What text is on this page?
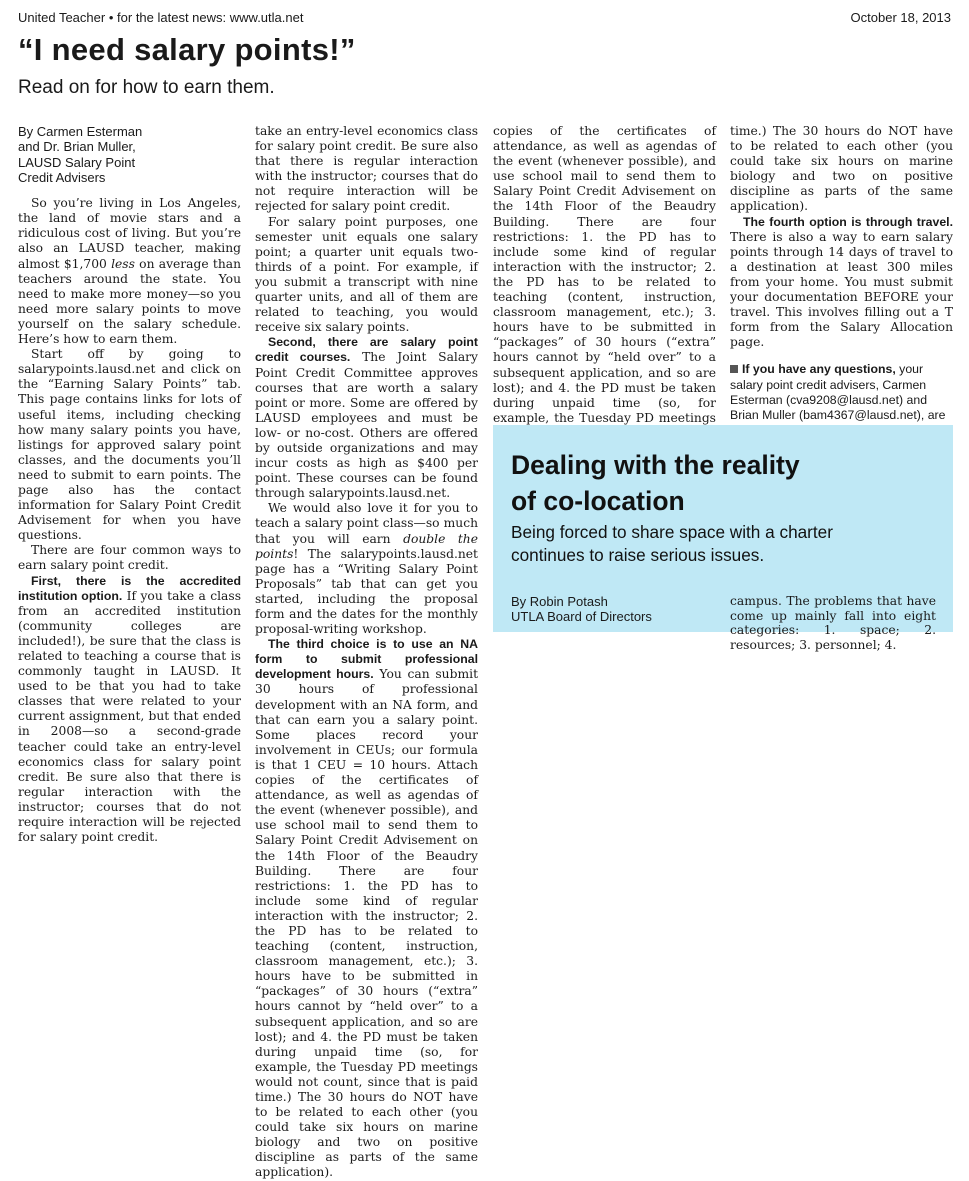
United Teacher • for the latest news: www.utla.net	October 18, 2013
“I need salary points!”
Read on for how to earn them.
By Carmen Esterman
and Dr. Brian Muller,
LAUSD Salary Point
Credit Advisers

So you’re living in Los Angeles, the land of movie stars and a ridiculous cost of living. But you’re also an LAUSD teacher, making almost $1,700 less on average than teachers around the state. You need to make more money—so you need more salary points to move yourself on the salary schedule. Here’s how to earn them.

Start off by going to salarypoints.lausd.net and click on the “Earning Salary Points” tab. This page contains links for lots of useful items, including checking how many salary points you have, listings for approved salary point classes, and the documents you’ll need to submit to earn points. The page also has the contact information for Salary Point Credit Advisement for when you have questions.

There are four common ways to earn salary point credit.

First, there is the accredited institution option. If you take a class from an accredited institution (community colleges are included!), be sure that the class is related to teaching a course that is commonly taught in LAUSD. It used to be that you had to take classes that were related to your current assignment, but that ended in 2008—so a second-grade teacher could take an entry-level economics class for salary point credit. Be sure also that there is regular interaction with the instructor; courses that do not require interaction will be rejected for salary point credit.

take an entry-level economics class for salary point credit. Be sure also that there is regular interaction with the instructor; courses that do not require interaction will be rejected for salary point credit.

For salary point purposes, one semester unit equals one salary point; a quarter unit equals two-thirds of a point. For example, if you submit a transcript with nine quarter units, and all of them are related to teaching, you would receive six salary points.

Second, there are salary point credit courses. The Joint Salary Point Credit Committee approves courses that are worth a salary point or more. Some are offered by LAUSD employees and must be low- or no-cost. Others are offered by outside organizations and may incur costs as high as $400 per point. These courses can be found through salarypoints.lausd.net.

We would also love it for you to teach a salary point class—so much that you will earn double the points! The salarypoints.lausd.net page has a “Writing Salary Point Proposals” tab that can get you started, including the proposal form and the dates for the monthly proposal-writing workshop.

The third choice is to use an NA form to submit professional development hours. You can submit 30 hours of professional development with an NA form, and that can earn you a salary point. Some places record your involvement in CEUs; our formula is that 1 CEU = 10 hours. Attach copies of the certificates of attendance, as well as agendas of the event (whenever possible), and use school mail to send them to Salary Point Credit Advisement on the 14th Floor of the Beaudry Building. There are four restrictions: 1. the PD has to include some kind of regular interaction with the instructor; 2. the PD has to be related to teaching (content, instruction, classroom management, etc.); 3. hours have to be submitted in “packages” of 30 hours (“extra” hours cannot by “held over” to a subsequent application, and so are lost); and 4. the PD must be taken during unpaid time (so, for example, the Tuesday PD meetings would not count, since that is paid time.) The 30 hours do NOT have to be related to each other (you could take six hours on marine biology and two on positive discipline as parts of the same application).

copies of the certificates of attendance, as well as agendas of the event (whenever possible), and use school mail to send them to Salary Point Credit Advisement on the 14th Floor of the Beaudry Building. There are four restrictions: 1. the PD has to include some kind of regular interaction with the instructor; 2. the PD has to be related to teaching (content, instruction, classroom management, etc.); 3. hours have to be submitted in “packages” of 30 hours (“extra” hours cannot by “held over” to a subsequent application, and so are lost); and 4. the PD must be taken during unpaid time (so, for example, the Tuesday PD meetings

time.) The 30 hours do NOT have to be related to each other (you could take six hours on marine biology and two on positive discipline as parts of the same application).

The fourth option is through travel. There is also a way to earn salary points through 14 days of travel to a destination at least 300 miles from your home. You must submit your documentation BEFORE your travel. This involves filling out a T form from the Salary Allocation page.

If you have any questions, your salary point credit advisers, Carmen Esterman (cva9208@lausd.net) and Brian Muller (bam4367@lausd.net), are

Dealing with the reality
of co-location
Being forced to share space with a charter
continues to raise serious issues.
By Robin Potash
UTLA Board of Directors
campus. The problems that have come up mainly fall into eight categories: 1. space; 2. resources; 3. personnel; 4.
